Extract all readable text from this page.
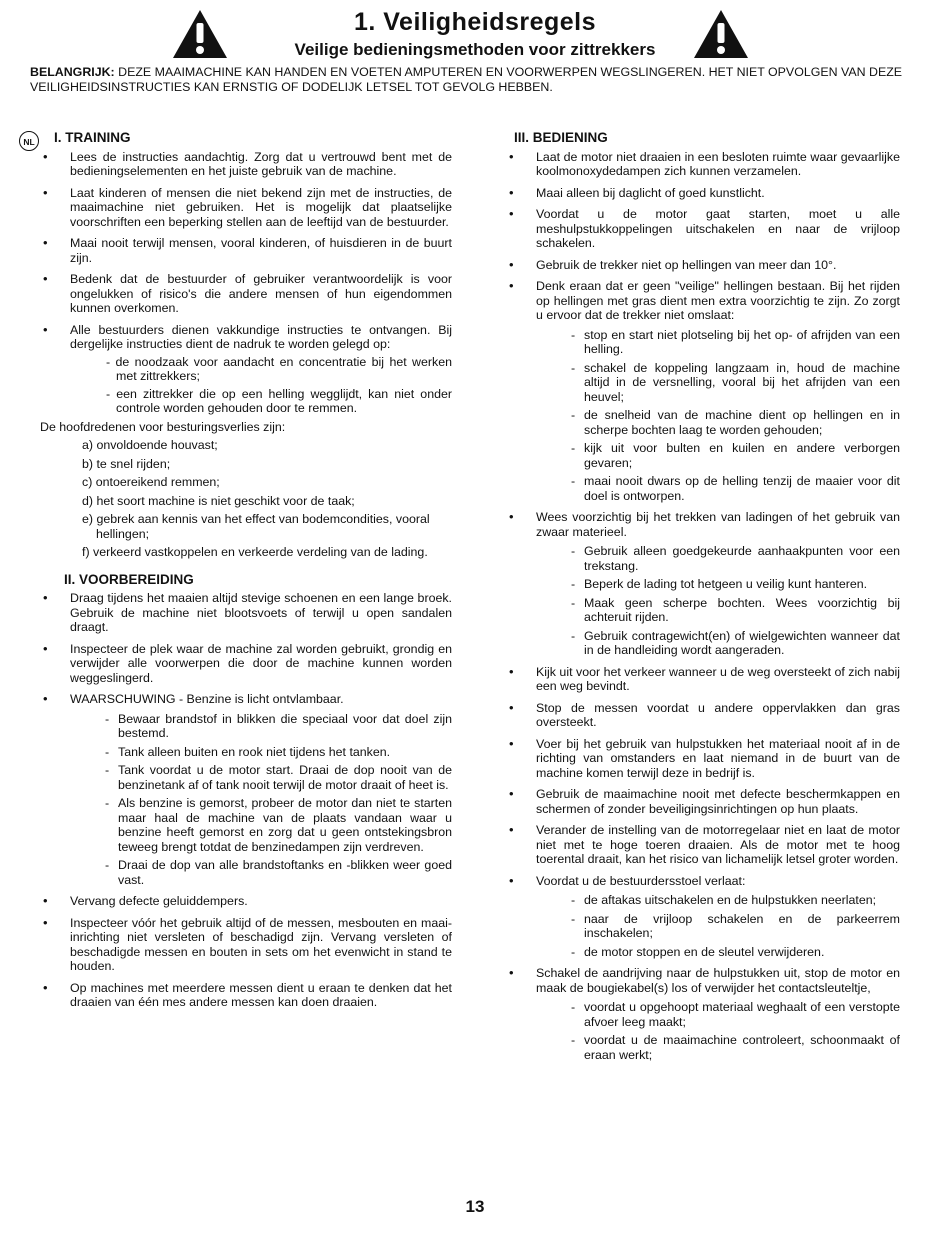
1. Veiligheidsregels
Veilige bedieningsmethoden voor zittrekkers

BELANGRIJK: DEZE MAAIMACHINE KAN HANDEN EN VOETEN AMPUTEREN EN VOORWERPEN WEGSLINGEREN. HET NIET OPVOLGEN VAN DEZE VEILIGHEIDSINSTRUCTIES KAN ERNSTIG OF DODELIJK LETSEL TOT GEVOLG HEBBEN.

NL	I. TRAINING
• Lees de instructies aandachtig. Zorg dat u vertrouwd bent met de bedieningselementen en het juiste gebruik van de machine.
• Laat kinderen of mensen die niet bekend zijn met de instructies, de maaimachine niet gebruiken. Het is mogelijk dat plaatselijke voorschriften een beperking stellen aan de leeftijd van de bestuurder.
• Maai nooit terwijl mensen, vooral kinderen, of huisdieren in de buurt zijn.
• Bedenk dat de bestuurder of gebruiker verantwoordelijk is voor ongelukken of risico's die andere mensen of hun eigendommen kunnen overkomen.
• Alle bestuurders dienen vakkundige instructies te ontvangen. Bij dergelijke instructies dient de nadruk te worden gelegd op:
- de noodzaak voor aandacht en concentratie bij het werken met zittrekkers;
- een zittrekker die op een helling wegglijdt, kan niet onder controle worden gehouden door te remmen.

De hoofdredenen voor besturingsverlies zijn:

a) onvoldoende houvast;
b) te snel rijden;
c) ontoereikend remmen;
d) het soort machine is niet geschikt voor de taak;
e) gebrek aan kennis van het effect van bodemcondities, vooral hellingen;
f) verkeerd vastkoppelen en verkeerde verdeling van de lading.
II. VOORBEREIDING
• Draag tijdens het maaien altijd stevige schoenen en een lange broek. Gebruik de machine niet blootsvoets of terwijl u open sandalen draagt.
• Inspecteer de plek waar de machine zal worden gebruikt, grondig en verwijder alle voorwerpen die door de machine kunnen worden weggeslingerd.
• WAARSCHUWING - Benzine is licht ontvlambaar.
- Bewaar brandstof in blikken die speciaal voor dat doel zijn bestemd.
- Tank alleen buiten en rook niet tijdens het tanken.
- Tank voordat u de motor start. Draai de dop nooit van de benzinetank af of tank nooit terwijl de motor draait of heet is.
- Als benzine is gemorst, probeer de motor dan niet te starten maar haal de machine van de plaats vandaan waar u benzine heeft gemorst en zorg dat u geen ontstekingsbron teweeg brengt totdat de benzinedampen zijn verdreven.
- Draai de dop van alle brandstoftanks en -blikken weer goed vast.
• Vervang defecte geluiddempers.
• Inspecteer vóór het gebruik altijd of de messen, mesbouten en maai-inrichting niet versleten of beschadigd zijn. Vervang versleten of beschadigde messen en bouten in sets om het evenwicht in stand te houden.
• Op machines met meerdere messen dient u eraan te denken dat het draaien van één mes andere messen kan doen draaien.
III. BEDIENING
• Laat de motor niet draaien in een besloten ruimte waar gevaarlijke koolmonoxydedampen zich kunnen verzamelen.
• Maai alleen bij daglicht of goed kunstlicht.
• Voordat u de motor gaat starten, moet u alle meshulpstukkoppelingen uitschakelen en naar de vrijloop schakelen.
• Gebruik de trekker niet op hellingen van meer dan 10°.
• Denk eraan dat er geen "veilige" hellingen bestaan. Bij het rijden op hellingen met gras dient men extra voorzichtig te zijn. Zo zorgt u ervoor dat de trekker niet omslaat:
- stop en start niet plotseling bij het op- of afrijden van een helling.
- schakel de koppeling langzaam in, houd de machine altijd in de versnelling, vooral bij het afrijden van een heuvel;
- de snelheid van de machine dient op hellingen en in scherpe bochten laag te worden gehouden;
- kijk uit voor bulten en kuilen en andere verborgen gevaren;
- maai nooit dwars op de helling tenzij de maaier voor dit doel is ontworpen.
• Wees voorzichtig bij het trekken van ladingen of het gebruik van zwaar materieel.
- Gebruik alleen goedgekeurde aanhaakpunten voor een trekstang.
- Beperk de lading tot hetgeen u veilig kunt hanteren.
- Maak geen scherpe bochten. Wees voorzichtig bij achteruit rijden.
- Gebruik contragewicht(en) of wielgewichten wanneer dat in de handleiding wordt aangeraden.
• Kijk uit voor het verkeer wanneer u de weg oversteekt of zich nabij een weg bevindt.
• Stop de messen voordat u andere oppervlakken dan gras oversteekt.
• Voer bij het gebruik van hulpstukken het materiaal nooit af in de richting van omstanders en laat niemand in de buurt van de machine komen terwijl deze in bedrijf is.
• Gebruik de maaimachine nooit met defecte beschermkappen en schermen of zonder beveiligingsinrichtingen op hun plaats.
• Verander de instelling van de motorregelaar niet en laat de motor niet met te hoge toeren draaien. Als de motor met te hoog toerental draait, kan het risico van lichamelijk letsel groter worden.
• Voordat u de bestuurdersstoel verlaat:
- de aftakas uitschakelen en de hulpstukken neerlaten;
- naar de vrijloop schakelen en de parkeerrem inschakelen;
- de motor stoppen en de sleutel verwijderen.
• Schakel de aandrijving naar de hulpstukken uit, stop de motor en maak de bougiekabel(s) los of verwijder het contactsleuteltje,
- voordat u opgehoopt materiaal weghaalt of een verstopte afvoer leeg maakt;
- voordat u de maaimachine controleert, schoonmaakt of eraan werkt;
13
